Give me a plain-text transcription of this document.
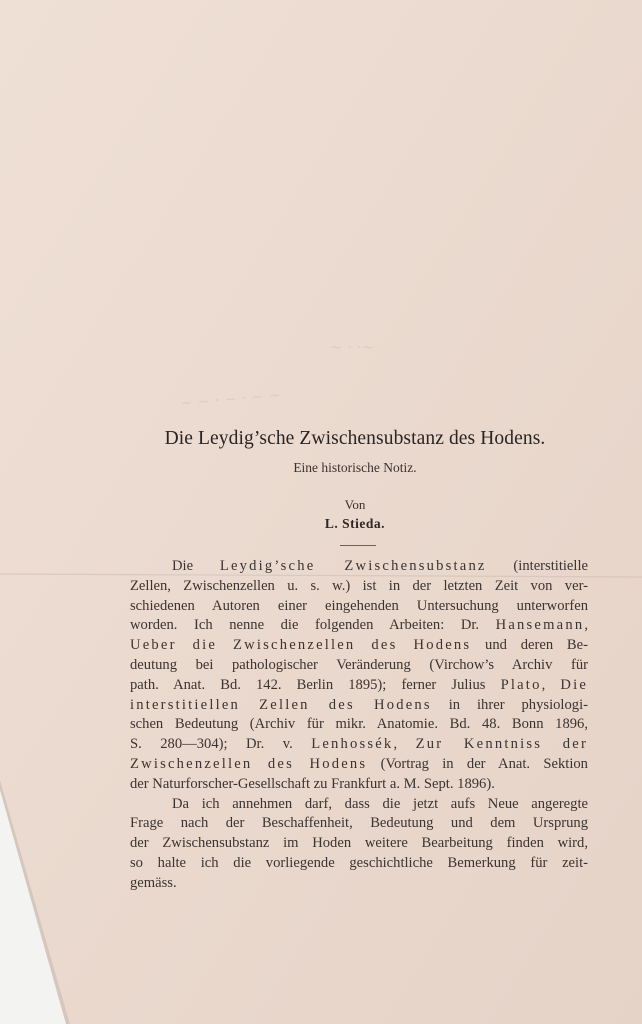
~ · ·~
~ ~ · ~ · ~ ~
Die Leydig’sche Zwischensubstanz des Hodens.
Eine historische Notiz.
Von
L. Stieda.
Die Leydig’sche Zwischensubstanz (interstitielle
Zellen, Zwischenzellen u. s. w.) ist in der letzten Zeit von ver-
schiedenen Autoren einer eingehenden Untersuchung unterworfen
worden. Ich nenne die folgenden Arbeiten: Dr. Hansemann,
Ueber die Zwischenzellen des Hodens und deren Be-
deutung bei pathologischer Veränderung (Virchow’s Archiv für
path. Anat. Bd. 142. Berlin 1895); ferner Julius Plato, Die
interstitiellen Zellen des Hodens in ihrer physiologi-
schen Bedeutung (Archiv für mikr. Anatomie. Bd. 48. Bonn 1896,
S. 280—304); Dr. v. Lenhossék, Zur Kenntniss der
Zwischenzellen des Hodens (Vortrag in der Anat. Sektion
der Naturforscher-Gesellschaft zu Frankfurt a. M. Sept. 1896).
Da ich annehmen darf, dass die jetzt aufs Neue angeregte
Frage nach der Beschaffenheit, Bedeutung und dem Ursprung
der Zwischensubstanz im Hoden weitere Bearbeitung finden wird,
so halte ich die vorliegende geschichtliche Bemerkung für zeit-
gemäss.
